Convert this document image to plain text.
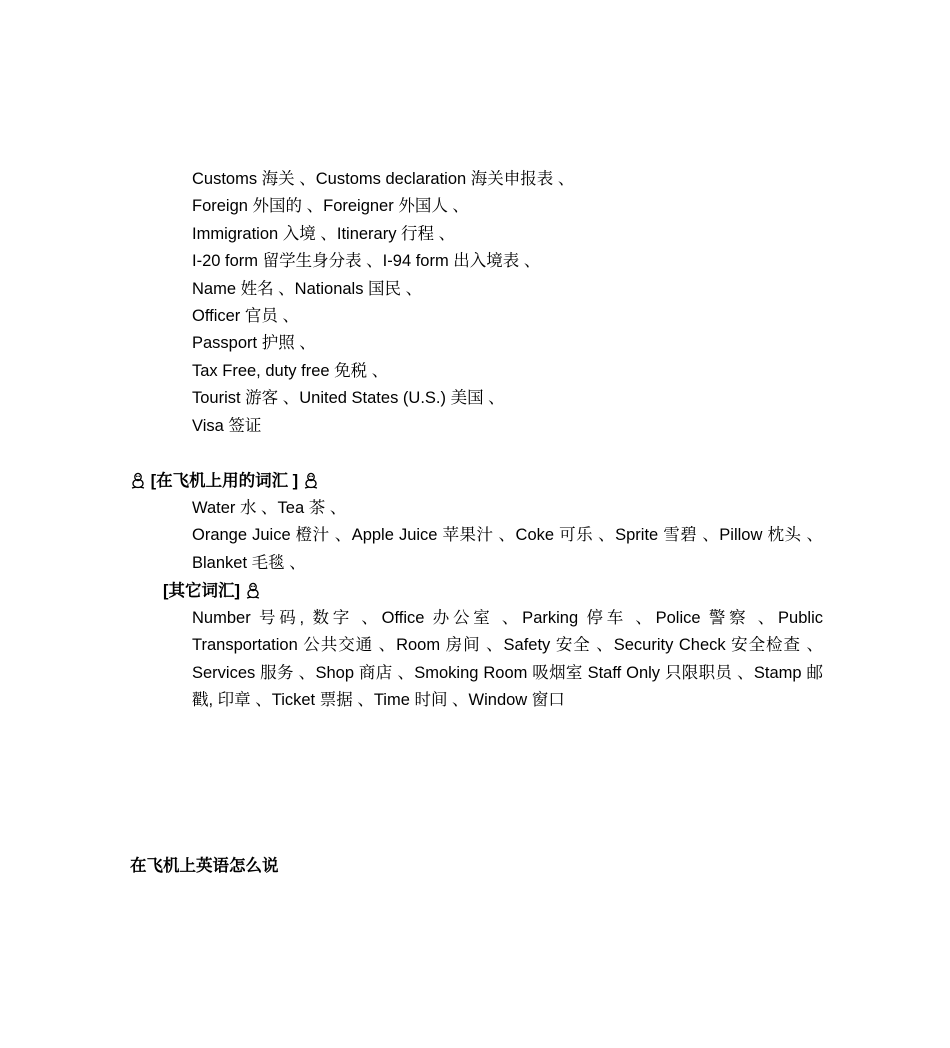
Customs 海关 、Customs declaration 海关申报表 、
Foreign 外国的 、Foreigner 外国人 、
Immigration 入境 、Itinerary 行程 、
I-20 form 留学生身分表 、I-94 form 出入境表 、
Name 姓名 、Nationals 国民 、
Officer 官员 、
Passport 护照 、
Tax Free, duty free 免税 、
Tourist 游客 、United States (U.S.) 美国 、
Visa 签证
[在飞机上用的词汇 ]
Water 水 、Tea 茶 、
Orange Juice 橙汁 、Apple Juice 苹果汁 、Coke 可乐 、Sprite 雪碧 、Pillow 枕头 、Blanket 毛毯 、
[其它词汇]
Number 号码, 数字 、Office 办公室 、Parking 停车 、Police 警察 、Public Transportation 公共交通 、Room 房间 、Safety 安全 、Security Check 安全检查 、Services 服务 、Shop 商店 、Smoking Room 吸烟室 Staff Only 只限职员 、Stamp 邮戳, 印章 、Ticket 票据 、Time 时间 、Window 窗口
在飞机上英语怎么说
